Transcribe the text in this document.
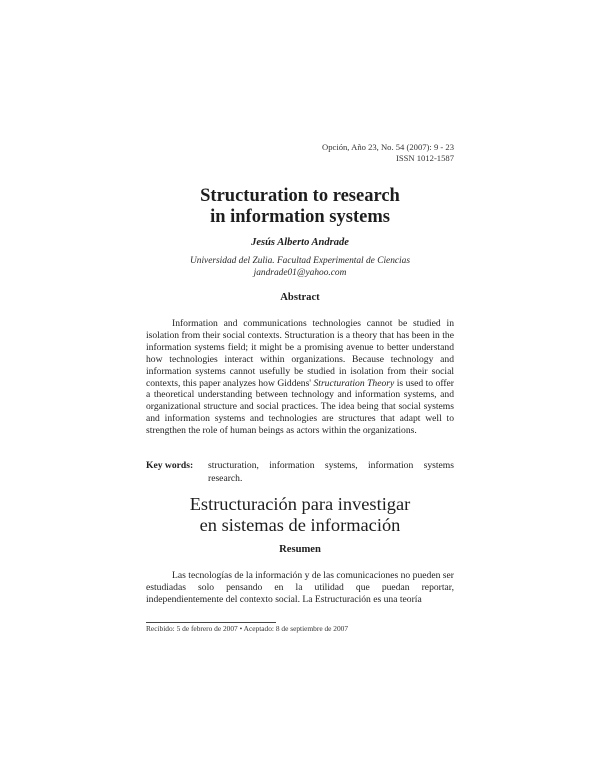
Opción, Año 23, No. 54 (2007): 9 - 23
ISSN 1012-1587
Structuration to research
in information systems
Jesús Alberto Andrade
Universidad del Zulia. Facultad Experimental de Ciencias
jandrade01@yahoo.com
Abstract

Information and communications technologies cannot be studied in isolation from their social contexts. Structuration is a theory that has been in the information systems field; it might be a promising avenue to better understand how technologies interact within organizations. Because technology and information systems cannot usefully be studied in isolation from their social contexts, this paper analyzes how Giddens' Structuration Theory is used to offer a theoretical understanding between technology and information systems, and organizational structure and social practices. The idea being that social systems and information systems and technologies are structures that adapt well to strengthen the role of human beings as actors within the organizations.

Key words: structuration, information systems, information systems research.
Estructuración para investigar
en sistemas de información
Resumen

Las tecnologías de la información y de las comunicaciones no pueden ser estudiadas solo pensando en la utilidad que puedan reportar, independientemente del contexto social. La Estructuración es una teoría

Recibido: 5 de febrero de 2007 • Aceptado: 8 de septiembre de 2007
